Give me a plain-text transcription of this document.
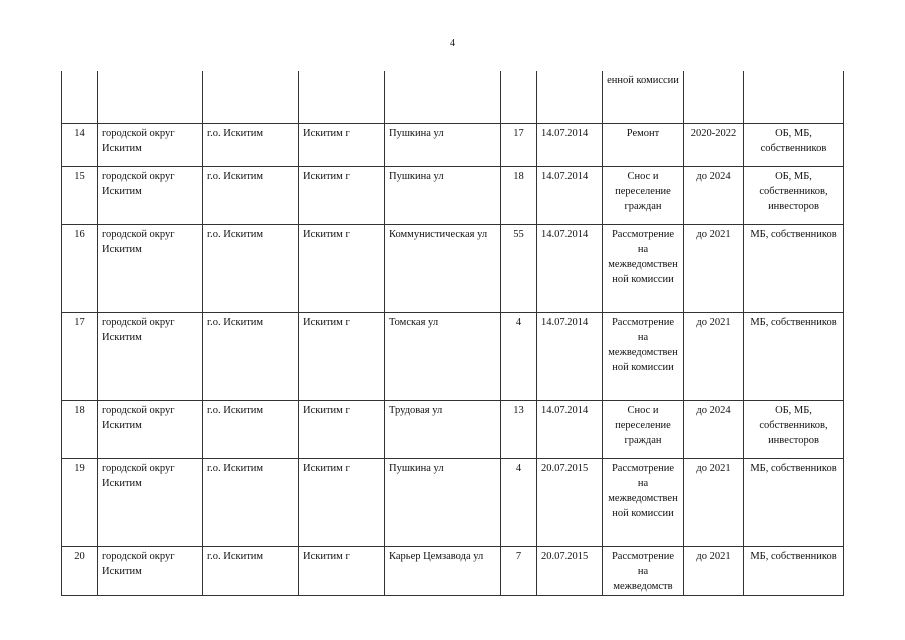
4
							енной комиссии		
14	городской округ Искитим	г.о. Искитим	Искитим г	Пушкина ул	17	14.07.2014	Ремонт	2020-2022	ОБ, МБ, собственников
15	городской округ Искитим	г.о. Искитим	Искитим г	Пушкина ул	18	14.07.2014	Снос и переселение граждан	до 2024	ОБ, МБ, собственников, инвесторов
16	городской округ Искитим	г.о. Искитим	Искитим г	Коммунистическая ул	55	14.07.2014	Рассмотрение на межведомственной комиссии	до 2021	МБ, собственников
17	городской округ Искитим	г.о. Искитим	Искитим г	Томская ул	4	14.07.2014	Рассмотрение на межведомственной комиссии	до 2021	МБ, собственников
18	городской округ Искитим	г.о. Искитим	Искитим г	Трудовая ул	13	14.07.2014	Снос и переселение граждан	до 2024	ОБ, МБ, собственников, инвесторов
19	городской округ Искитим	г.о. Искитим	Искитим г	Пушкина ул	4	20.07.2015	Рассмотрение на межведомственной комиссии	до 2021	МБ, собственников
20	городской округ Искитим	г.о. Искитим	Искитим г	Карьер Цемзавода ул	7	20.07.2015	Рассмотрение на межведомств	до 2021	МБ, собственников
